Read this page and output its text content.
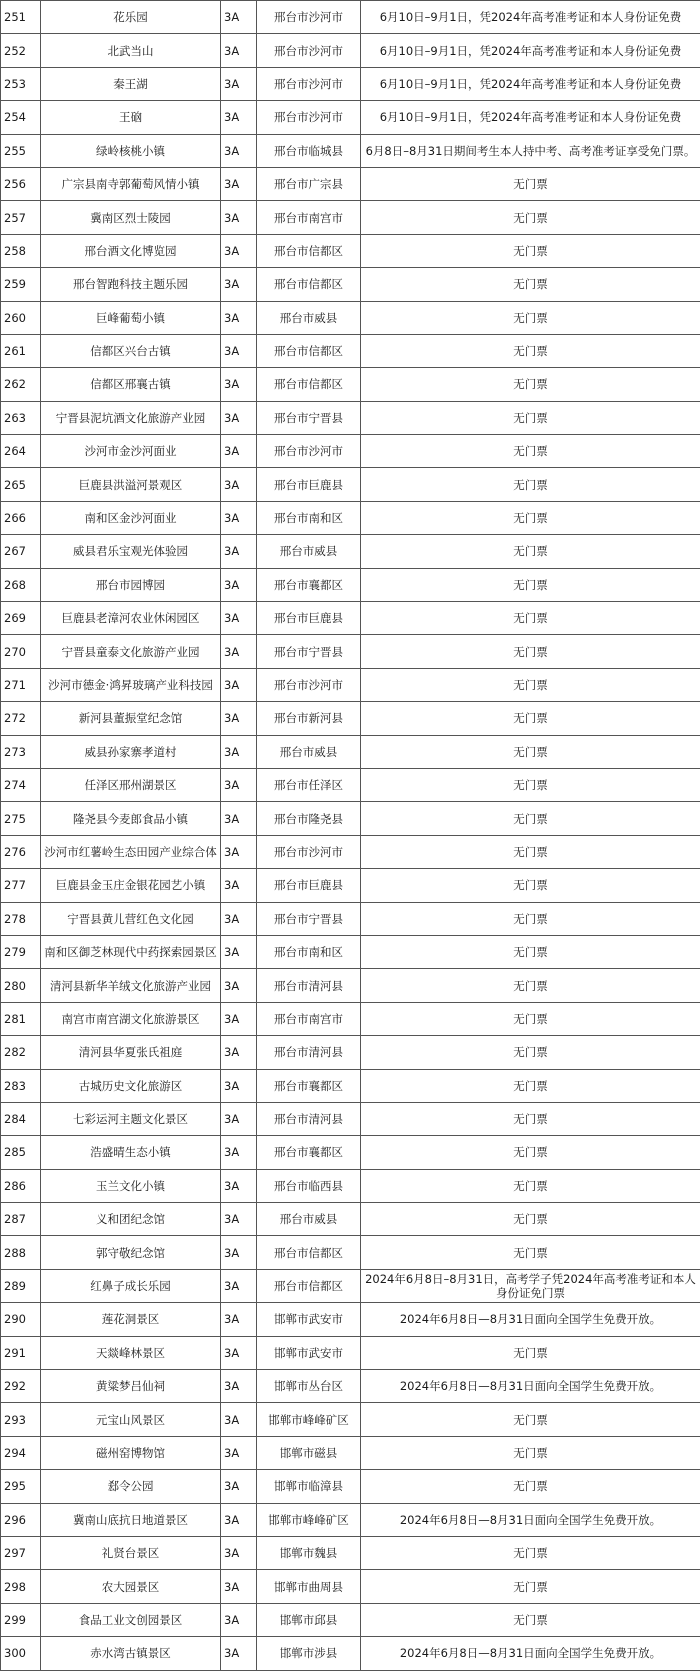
251	花乐园	3A	邢台市沙河市	6月10日–9月1日，凭2024年高考准考证和本人身份证免费
252	北武当山	3A	邢台市沙河市	6月10日–9月1日，凭2024年高考准考证和本人身份证免费
253	秦王湖	3A	邢台市沙河市	6月10日–9月1日，凭2024年高考准考证和本人身份证免费
254	王硇	3A	邢台市沙河市	6月10日–9月1日，凭2024年高考准考证和本人身份证免费
255	绿岭核桃小镇	3A	邢台市临城县	6月8日–8月31日期间考生本人持中考、高考准考证享受免门票。
256	广宗县南寺郭葡萄风情小镇	3A	邢台市广宗县	无门票
257	冀南区烈士陵园	3A	邢台市南宫市	无门票
258	邢台酒文化博览园	3A	邢台市信都区	无门票
259	邢台智跑科技主题乐园	3A	邢台市信都区	无门票
260	巨峰葡萄小镇	3A	邢台市威县	无门票
261	信都区兴台古镇	3A	邢台市信都区	无门票
262	信都区邢襄古镇	3A	邢台市信都区	无门票
263	宁晋县泥坑酒文化旅游产业园	3A	邢台市宁晋县	无门票
264	沙河市金沙河面业	3A	邢台市沙河市	无门票
265	巨鹿县洪溢河景观区	3A	邢台市巨鹿县	无门票
266	南和区金沙河面业	3A	邢台市南和区	无门票
267	威县君乐宝观光体验园	3A	邢台市威县	无门票
268	邢台市园博园	3A	邢台市襄都区	无门票
269	巨鹿县老漳河农业休闲园区	3A	邢台市巨鹿县	无门票
270	宁晋县童泰文化旅游产业园	3A	邢台市宁晋县	无门票
271	沙河市德金·鸿昇玻璃产业科技园	3A	邢台市沙河市	无门票
272	新河县董振堂纪念馆	3A	邢台市新河县	无门票
273	威县孙家寨孝道村	3A	邢台市威县	无门票
274	任泽区邢州湖景区	3A	邢台市任泽区	无门票
275	隆尧县今麦郎食品小镇	3A	邢台市隆尧县	无门票
276	沙河市红薯岭生态田园产业综合体	3A	邢台市沙河市	无门票
277	巨鹿县金玉庄金银花园艺小镇	3A	邢台市巨鹿县	无门票
278	宁晋县黄儿营红色文化园	3A	邢台市宁晋县	无门票
279	南和区御芝林现代中药探索园景区	3A	邢台市南和区	无门票
280	清河县新华羊绒文化旅游产业园	3A	邢台市清河县	无门票
281	南宫市南宫湖文化旅游景区	3A	邢台市南宫市	无门票
282	清河县华夏张氏祖庭	3A	邢台市清河县	无门票
283	古城历史文化旅游区	3A	邢台市襄都区	无门票
284	七彩运河主题文化景区	3A	邢台市清河县	无门票
285	浩盛晴生态小镇	3A	邢台市襄都区	无门票
286	玉兰文化小镇	3A	邢台市临西县	无门票
287	义和团纪念馆	3A	邢台市威县	无门票
288	郭守敬纪念馆	3A	邢台市信都区	无门票
289	红鼻子成长乐园	3A	邢台市信都区	2024年6月8日–8月31日，高考学子凭2024年高考准考证和本人身份证免门票
290	莲花洞景区	3A	邯郸市武安市	2024年6月8日—8月31日面向全国学生免费开放。
291	天燚峰林景区	3A	邯郸市武安市	无门票
292	黄粱梦吕仙祠	3A	邯郸市丛台区	2024年6月8日—8月31日面向全国学生免费开放。
293	元宝山风景区	3A	邯郸市峰峰矿区	无门票
294	磁州窑博物馆	3A	邯郸市磁县	无门票
295	郄令公园	3A	邯郸市临漳县	无门票
296	冀南山底抗日地道景区	3A	邯郸市峰峰矿区	2024年6月8日—8月31日面向全国学生免费开放。
297	礼贤台景区	3A	邯郸市魏县	无门票
298	农大园景区	3A	邯郸市曲周县	无门票
299	食品工业文创园景区	3A	邯郸市邱县	无门票
300	赤水湾古镇景区	3A	邯郸市涉县	2024年6月8日—8月31日面向全国学生免费开放。
